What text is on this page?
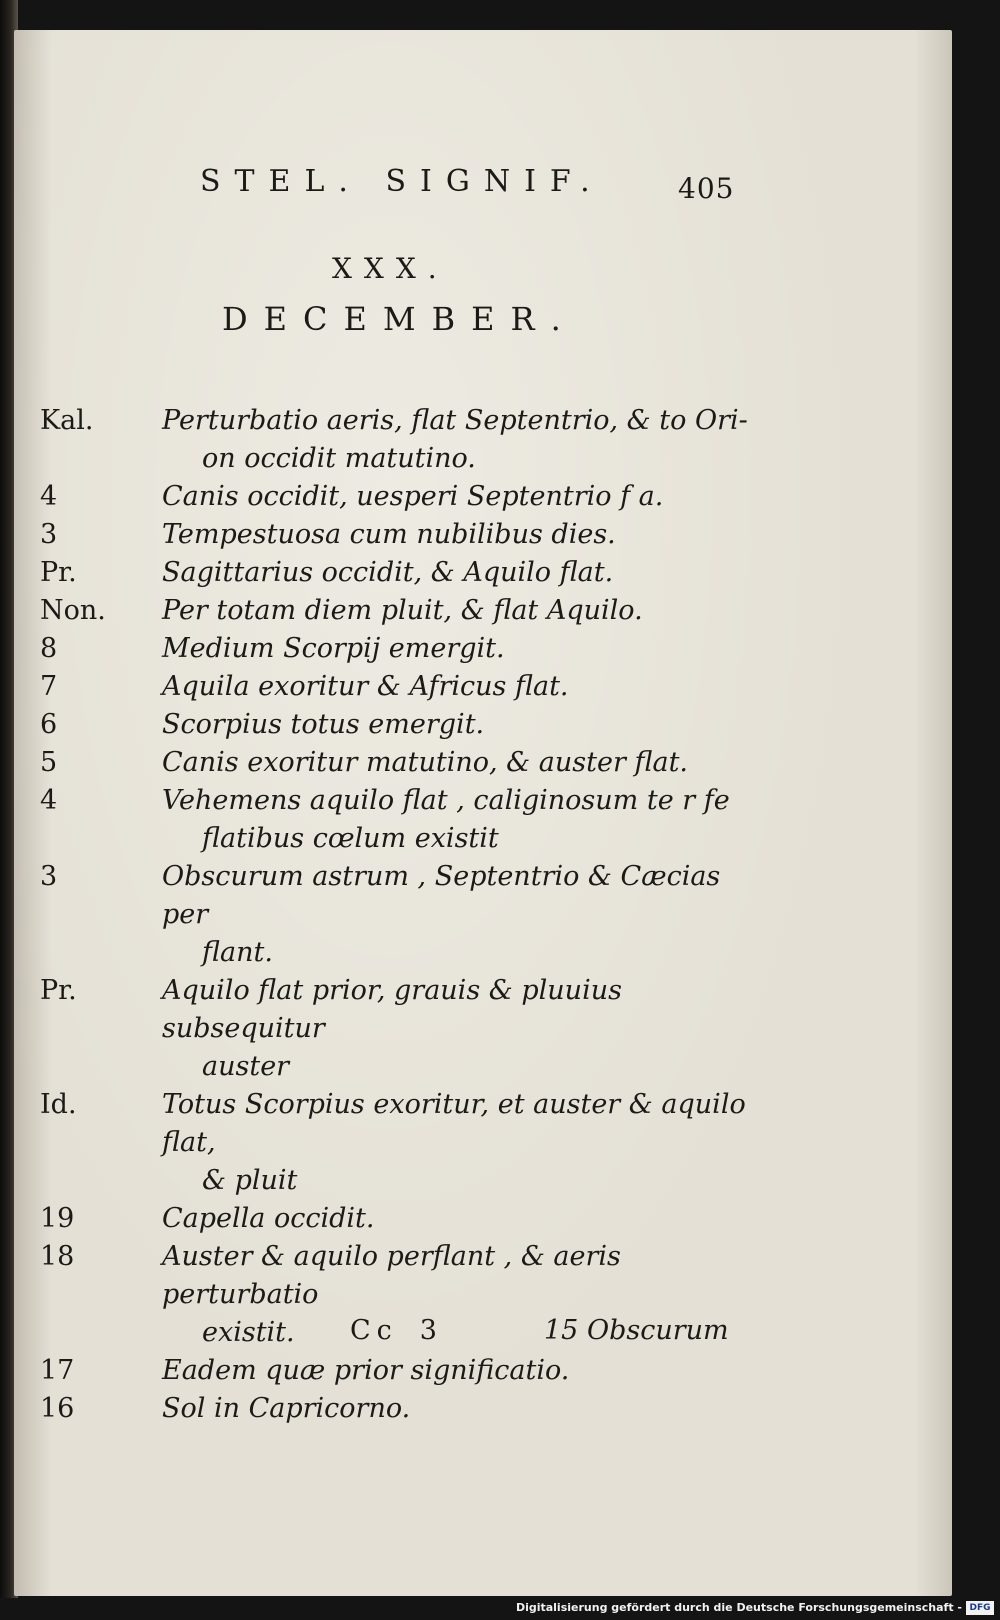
STEL. SIGNIF.	405
XXX.
DECEMBER.
Kal.	Perturbatio aeris, flat Septentrio, & to Ori-
on occidit matutino.
4	Canis occidit, uesperi Septentrio f a.
3	Tempestuosa cum nubilibus dies.
Pr.	Sagittarius occidit, & Aquilo flat.
Non.	Per totam diem pluit, & flat Aquilo.
8	Medium Scorpij emergit.
7	Aquila exoritur & Africus flat.
6	Scorpius totus emergit.
5	Canis exoritur matutino, & auster flat.
4	Vehemens aquilo flat , caliginosum te r fe
flatibus cœlum existit
3	Obscurum astrum , Septentrio & Cæcias per
flant.
Pr.	Aquilo flat prior, grauis & pluuius subsequitur
auster
Id.	Totus Scorpius exoritur, et auster & aquilo flat,
& pluit
19	Capella occidit.
18	Auster & aquilo perflant , & aeris perturbatio
existit.
17	Eadem quæ prior significatio.
16	Sol in Capricorno.
Cc 3	15 Obscurum
Digitalisierung gefördert durch die Deutsche Forschungsgemeinschaft - DFG
